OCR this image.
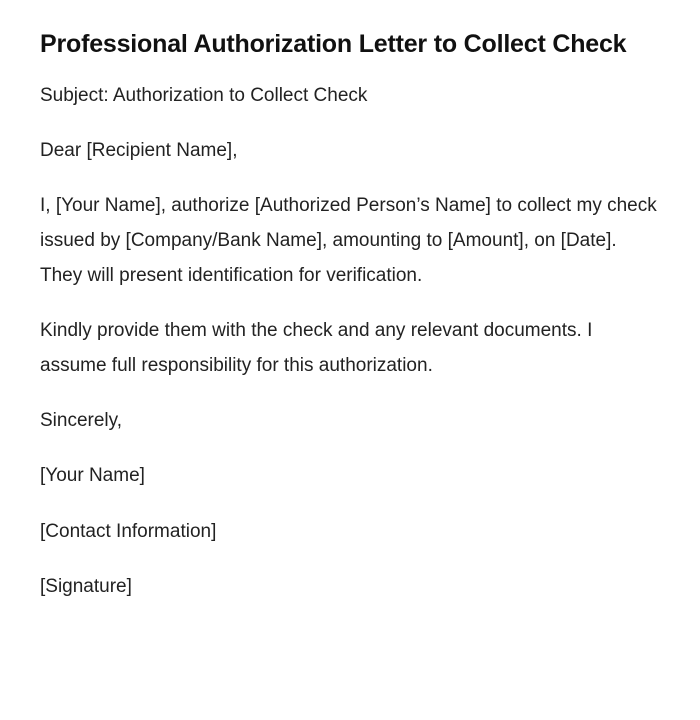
Professional Authorization Letter to Collect Check

Subject: Authorization to Collect Check

Dear [Recipient Name],

I, [Your Name], authorize [Authorized Person’s Name] to collect my check issued by [Company/Bank Name], amounting to [Amount], on [Date]. They will present identification for verification.

Kindly provide them with the check and any relevant documents. I assume full responsibility for this authorization.

Sincerely,

[Your Name]

[Contact Information]

[Signature]
